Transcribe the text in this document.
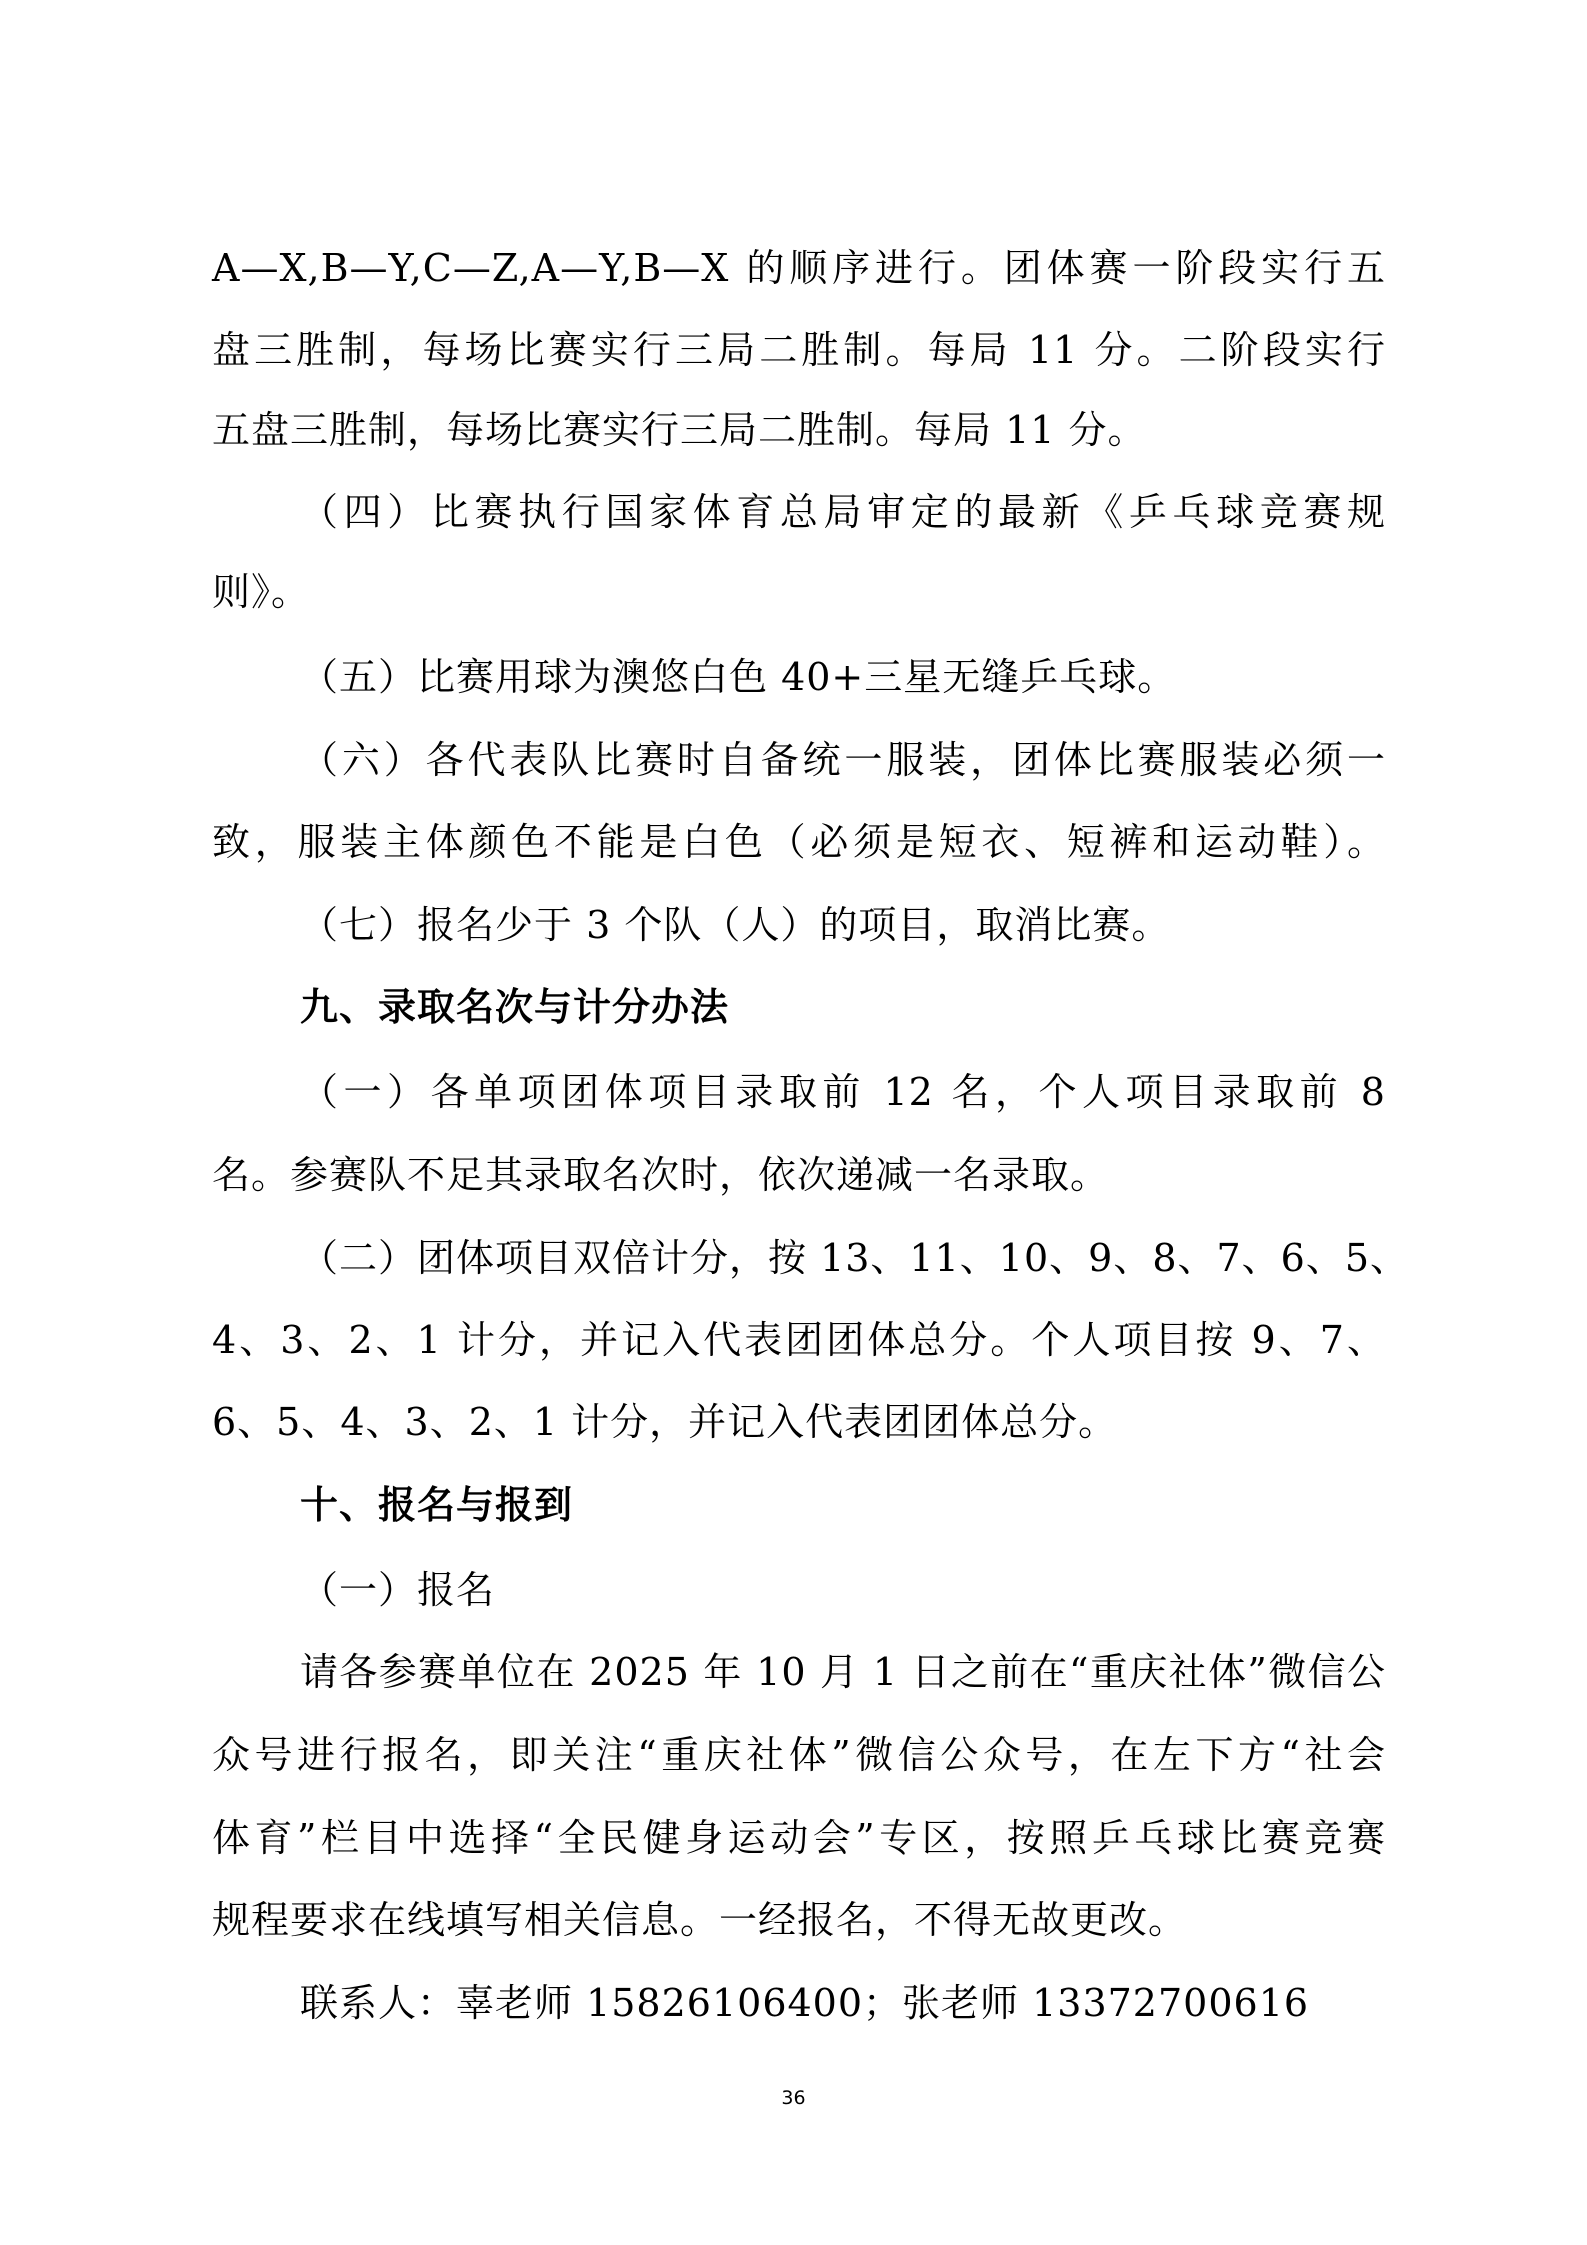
A—X,B—Y,C—Z,A—Y,B—X 的顺序进行。团体赛一阶段实行五
盘三胜制，每场比赛实行三局二胜制。每局 11 分。二阶段实行
五盘三胜制，每场比赛实行三局二胜制。每局 11 分。
（四）比赛执行国家体育总局审定的最新《乒乓球竞赛规
则》。
（五）比赛用球为澳悠白色 40+三星无缝乒乓球。
（六）各代表队比赛时自备统一服装，团体比赛服装必须一
致，服装主体颜色不能是白色（必须是短衣、短裤和运动鞋）。
（七）报名少于 3 个队（人）的项目，取消比赛。
九、录取名次与计分办法
（一）各单项团体项目录取前 12 名，个人项目录取前 8
名。参赛队不足其录取名次时，依次递减一名录取。
（二）团体项目双倍计分，按 13、11、10、9、8、7、6、5、
4、3、2、1 计分，并记入代表团团体总分。个人项目按 9、7、
6、5、4、3、2、1 计分，并记入代表团团体总分。
十、报名与报到
（一）报名
请各参赛单位在 2025 年 10 月 1 日之前在“重庆社体”微信公
众号进行报名，即关注“重庆社体”微信公众号，在左下方“社会
体育”栏目中选择“全民健身运动会”专区，按照乒乓球比赛竞赛
规程要求在线填写相关信息。一经报名，不得无故更改。
联系人：辜老师 15826106400；张老师 13372700616
36
